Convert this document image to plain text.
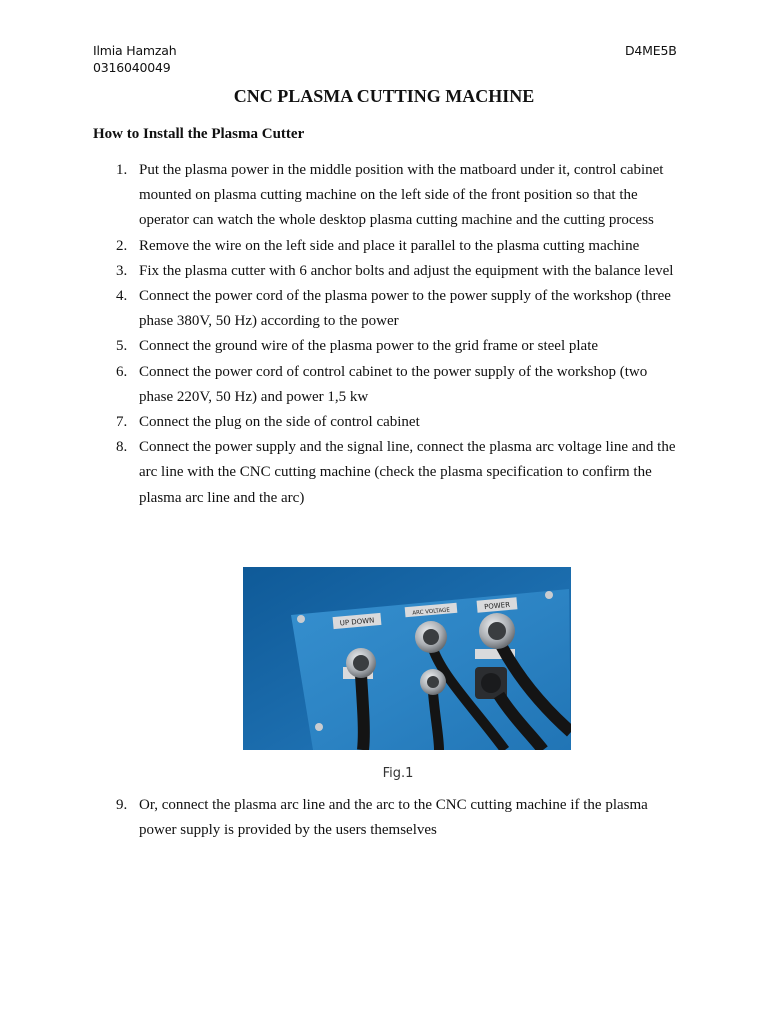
Ilmia Hamzah
0316040049
D4ME5B
CNC PLASMA CUTTING MACHINE
How to Install the Plasma Cutter
1. Put the plasma power in the middle position with the matboard under it, control cabinet mounted on plasma cutting machine on the left side of the front position so that the operator can watch the whole desktop plasma cutting machine and the cutting process
2. Remove the wire on the left side and place it parallel to the plasma cutting machine
3. Fix the plasma cutter with 6 anchor bolts and adjust the equipment with the balance level
4. Connect the power cord of the plasma power to the power supply of the workshop (three phase 380V, 50 Hz) according to the power
5. Connect the ground wire of the plasma power to the grid frame or steel plate
6. Connect the power cord of control cabinet to the power supply of the workshop (two phase 220V, 50 Hz) and power 1,5 kw
7. Connect the plug on the side of control cabinet
8. Connect the power supply and the signal line, connect the plasma arc voltage line and the arc line with the CNC cutting machine (check the plasma specification to confirm the plasma arc line and the arc)
UP DOWN
ARC VOLTAGE
POWER
Fig.1
9. Or, connect the plasma arc line and the arc to the CNC cutting machine if the plasma power supply is provided by the users themselves
